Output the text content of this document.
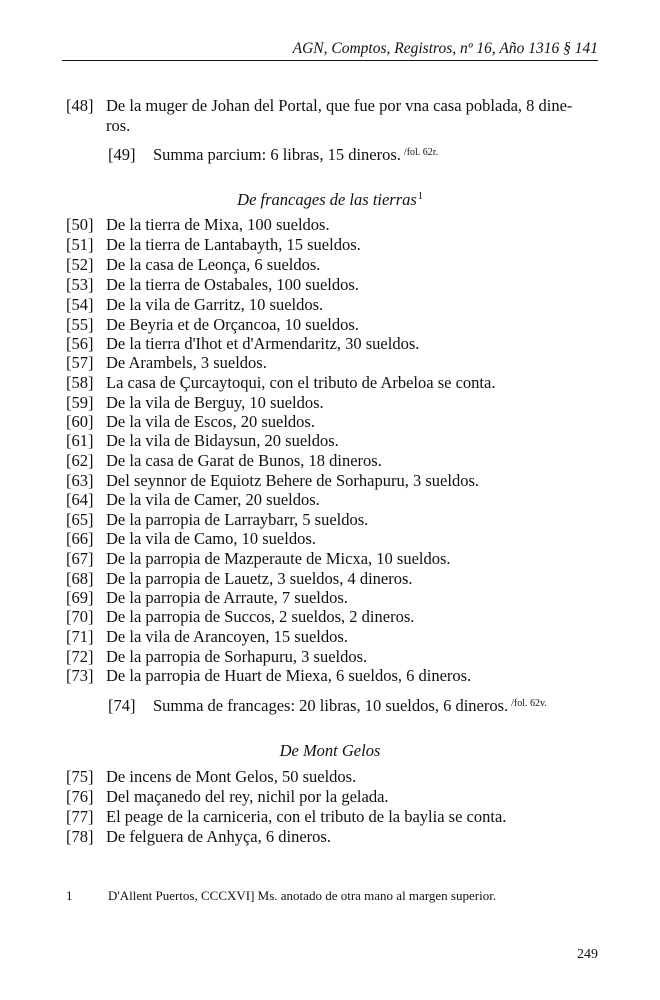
AGN, Comptos, Registros, nº 16, Año 1316 § 141
[48] De la muger de Johan del Portal, que fue por vna casa poblada, 8 dine-
ros.
[49] Summa parcium: 6 libras, 15 dineros. $^{/fol. 62r.}$
De francages de las tierras$^1$
[50] De la tierra de Mixa, 100 sueldos.
[51] De la tierra de Lantabayth, 15 sueldos.
[52] De la casa de Leonça, 6 sueldos.
[53] De la tierra de Ostabales, 100 sueldos.
[54] De la vila de Garritz, 10 sueldos.
[55] De Beyria et de Orçancoa, 10 sueldos.
[56] De la tierra d'Ihot et d'Armendaritz, 30 sueldos.
[57] De Arambels, 3 sueldos.
[58] La casa de Çurcaytoqui, con el tributo de Arbeloa se conta.
[59] De la vila de Berguy, 10 sueldos.
[60] De la vila de Escos, 20 sueldos.
[61] De la vila de Bidaysun, 20 sueldos.
[62] De la casa de Garat de Bunos, 18 dineros.
[63] Del seynnor de Equiotz Behere de Sorhapuru, 3 sueldos.
[64] De la vila de Camer, 20 sueldos.
[65] De la parropia de Larraybarr, 5 sueldos.
[66] De la vila de Camo, 10 sueldos.
[67] De la parropia de Mazperaute de Micxa, 10 sueldos.
[68] De la parropia de Lauetz, 3 sueldos, 4 dineros.
[69] De la parropia de Arraute, 7 sueldos.
[70] De la parropia de Succos, 2 sueldos, 2 dineros.
[71] De la vila de Arancoyen, 15 sueldos.
[72] De la parropia de Sorhapuru, 3 sueldos.
[73] De la parropia de Huart de Miexa, 6 sueldos, 6 dineros.
[74] Summa de francages: 20 libras, 10 sueldos, 6 dineros. $^{/fol. 62v.}$
De Mont Gelos
[75] De incens de Mont Gelos, 50 sueldos.
[76] Del maçanedo del rey, nichil por la gelada.
[77] El peage de la carniceria, con el tributo de la baylia se conta.
[78] De felguera de Anhyça, 6 dineros.
1	D'Allent Puertos, CCCXVI] Ms. anotado de otra mano al margen superior.
249
